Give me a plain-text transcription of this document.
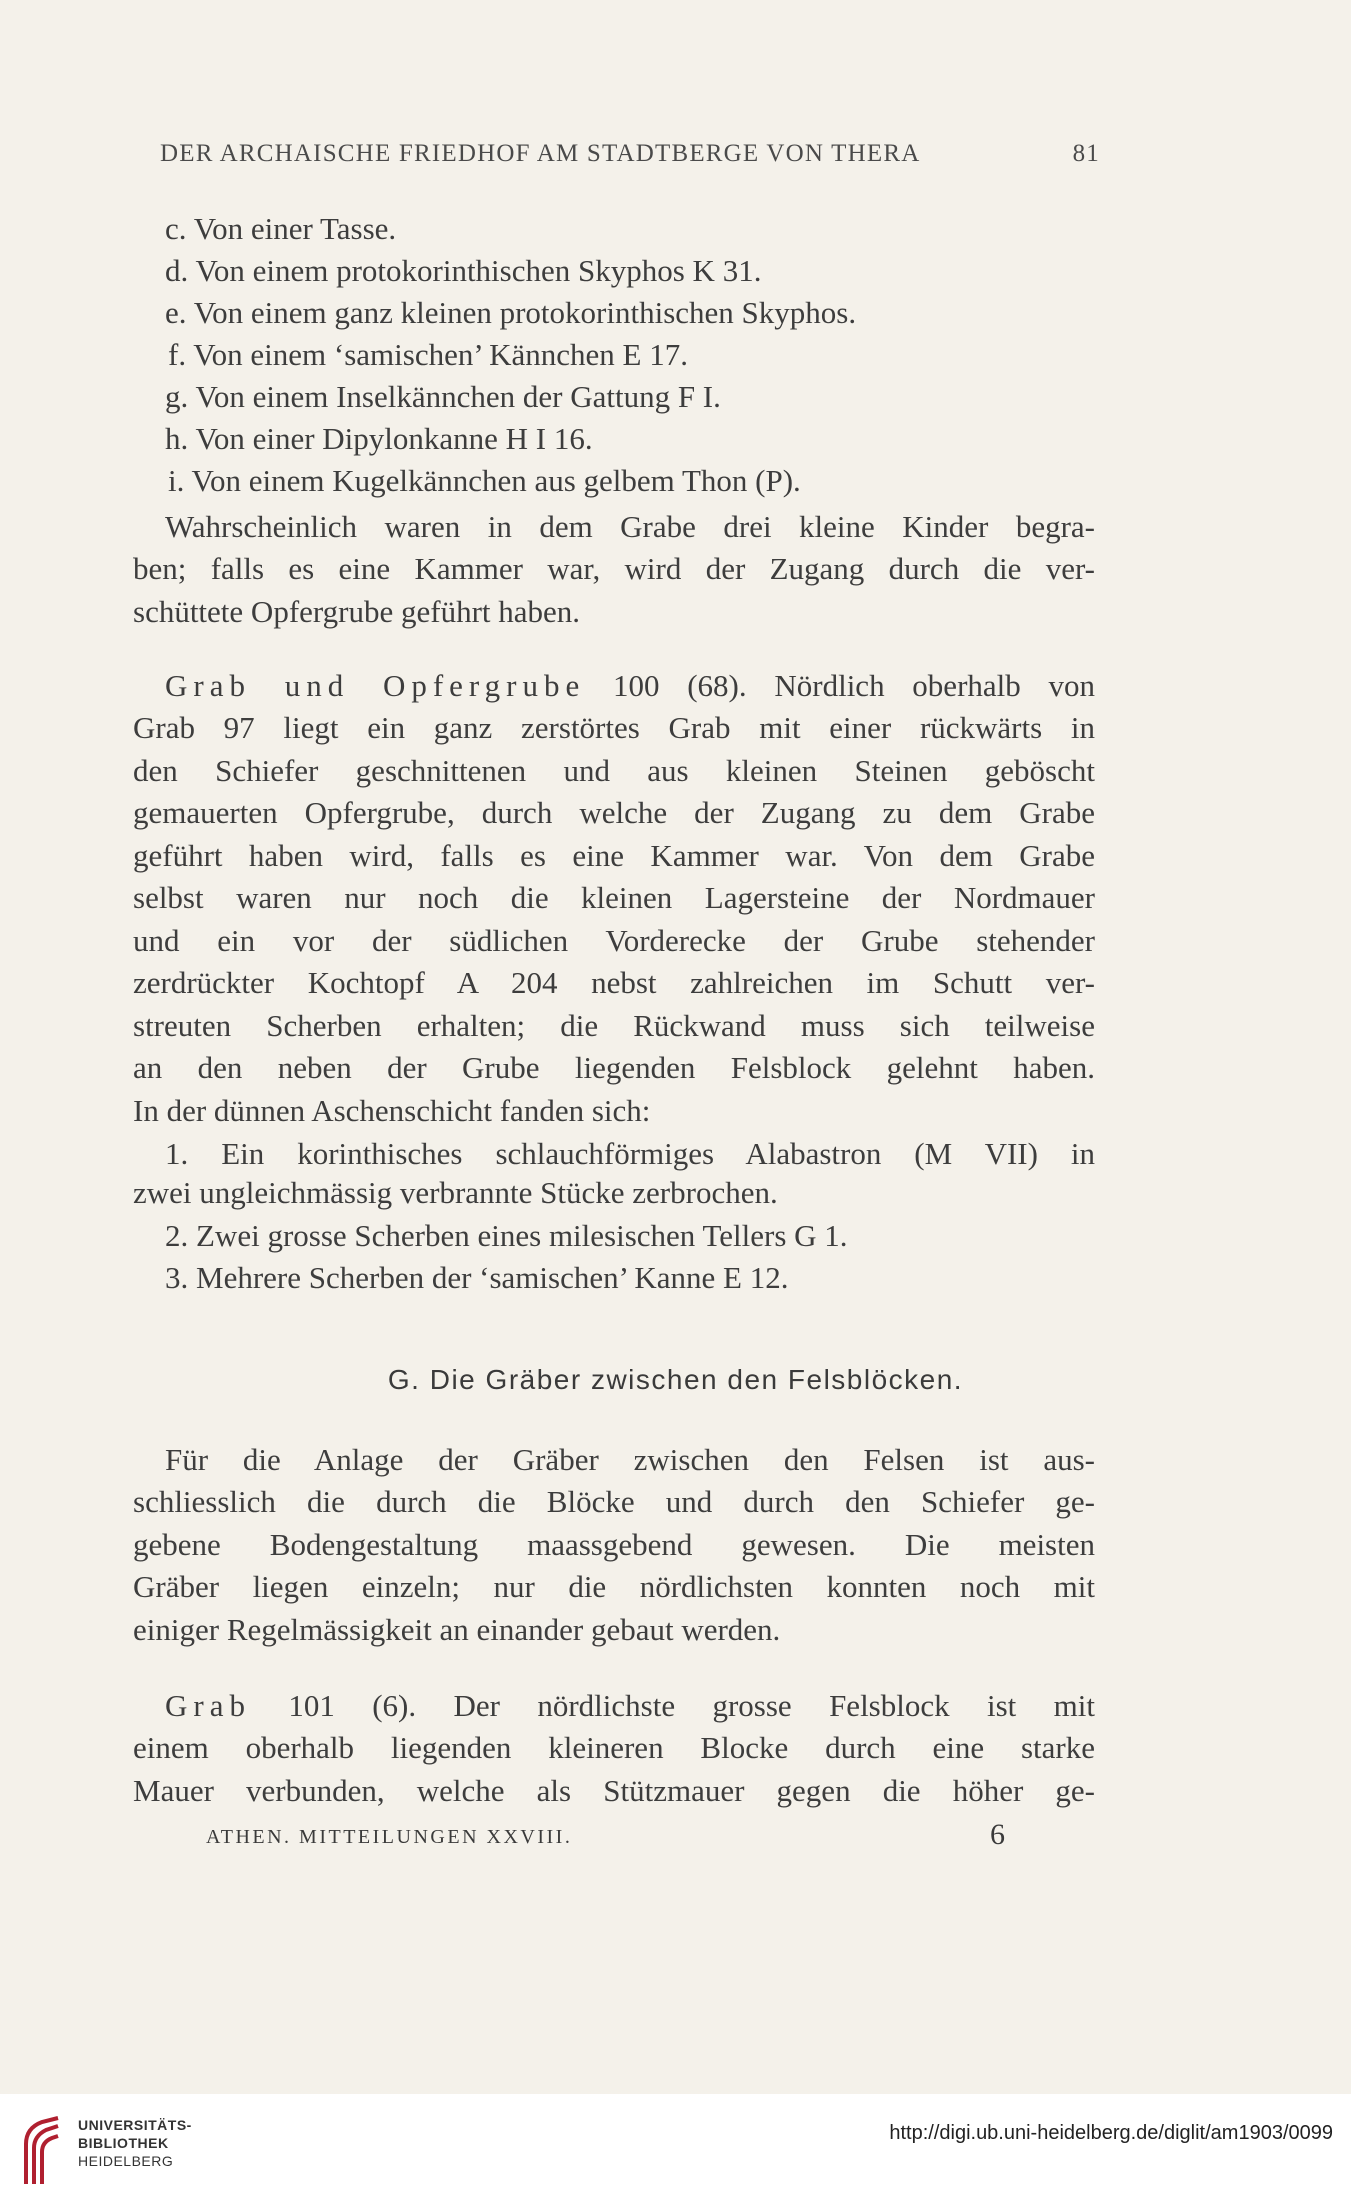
DER ARCHAISCHE FRIEDHOF AM STADTBERGE VON THERA	81
c. Von einer Tasse.
d. Von einem protokorinthischen Skyphos K 31.
e. Von einem ganz kleinen protokorinthischen Skyphos.
f. Von einem ‘samischen’ Kännchen E 17.
g. Von einem Inselkännchen der Gattung F I.
h. Von einer Dipylonkanne H I 16.
i. Von einem Kugelkännchen aus gelbem Thon (P).
Wahrscheinlich waren in dem Grabe drei kleine Kinder begra-
ben; falls es eine Kammer war, wird der Zugang durch die ver-
schüttete Opfergrube geführt haben.
Grab und Opfergrube 100 (68). Nördlich oberhalb von
Grab 97 liegt ein ganz zerstörtes Grab mit einer rückwärts in
den Schiefer geschnittenen und aus kleinen Steinen geböscht
gemauerten Opfergrube, durch welche der Zugang zu dem Grabe
geführt haben wird, falls es eine Kammer war. Von dem Grabe
selbst waren nur noch die kleinen Lagersteine der Nordmauer
und ein vor der südlichen Vorderecke der Grube stehender
zerdrückter Kochtopf A 204 nebst zahlreichen im Schutt ver-
streuten Scherben erhalten; die Rückwand muss sich teilweise
an den neben der Grube liegenden Felsblock gelehnt haben.
In der dünnen Aschenschicht fanden sich:
1. Ein korinthisches schlauchförmiges Alabastron (M VII) in
zwei ungleichmässig verbrannte Stücke zerbrochen.
2. Zwei grosse Scherben eines milesischen Tellers G 1.
3. Mehrere Scherben der ‘samischen’ Kanne E 12.
G. Die Gräber zwischen den Felsblöcken.
Für die Anlage der Gräber zwischen den Felsen ist aus-
schliesslich die durch die Blöcke und durch den Schiefer ge-
gebene Bodengestaltung maassgebend gewesen. Die meisten
Gräber liegen einzeln; nur die nördlichsten konnten noch mit
einiger Regelmässigkeit an einander gebaut werden.
Grab 101 (6). Der nördlichste grosse Felsblock ist mit
einem oberhalb liegenden kleineren Blocke durch eine starke
Mauer verbunden, welche als Stützmauer gegen die höher ge-
ATHEN. MITTEILUNGEN XXVIII.	6
UNIVERSITÄTS-
BIBLIOTHEK
HEIDELBERG
http://digi.ub.uni-heidelberg.de/diglit/am1903/0099
